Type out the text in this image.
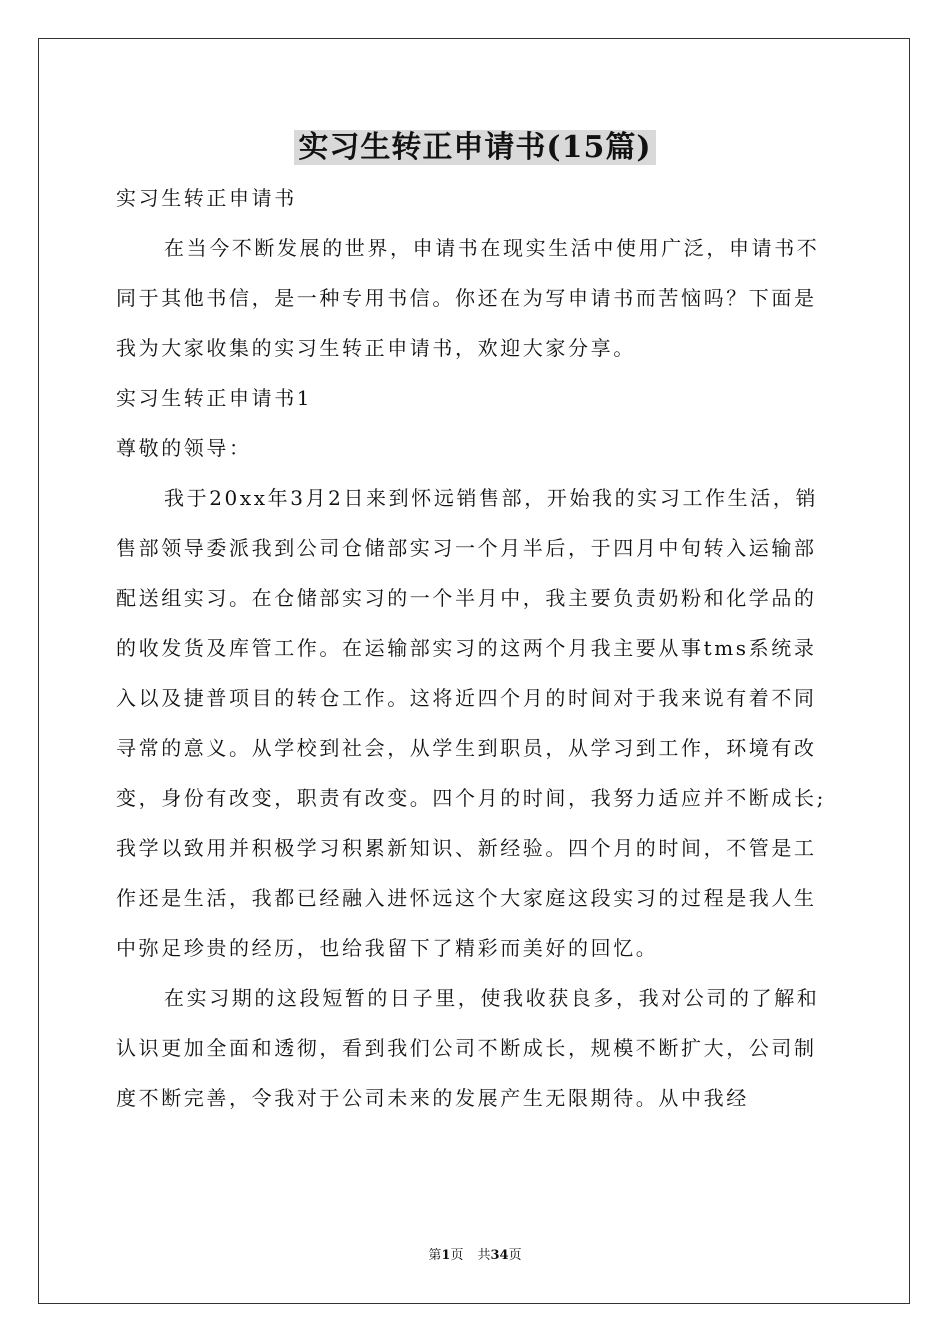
实习生转正申请书(15篇)

实习生转正申请书

在当今不断发展的世界，申请书在现实生活中使用广泛，申请书不同于其他书信，是一种专用书信。你还在为写申请书而苦恼吗？下面是我为大家收集的实习生转正申请书，欢迎大家分享。

实习生转正申请书1

尊敬的领导：

我于20xx年3月2日来到怀远销售部，开始我的实习工作生活，销售部领导委派我到公司仓储部实习一个月半后，于四月中旬转入运输部配送组实习。在仓储部实习的一个半月中，我主要负责奶粉和化学品的的收发货及库管工作。在运输部实习的这两个月我主要从事tms系统录入以及捷普项目的转仓工作。这将近四个月的时间对于我来说有着不同寻常的意义。从学校到社会，从学生到职员，从学习到工作，环境有改变，身份有改变，职责有改变。四个月的时间，我努力适应并不断成长;我学以致用并积极学习积累新知识、新经验。四个月的时间，不管是工作还是生活，我都已经融入进怀远这个大家庭这段实习的过程是我人生中弥足珍贵的经历，也给我留下了精彩而美好的回忆。

在实习期的这段短暂的日子里，使我收获良多，我对公司的了解和认识更加全面和透彻，看到我们公司不断成长，规模不断扩大，公司制度不断完善，令我对于公司未来的发展产生无限期待。从中我经

第1页 共34页
